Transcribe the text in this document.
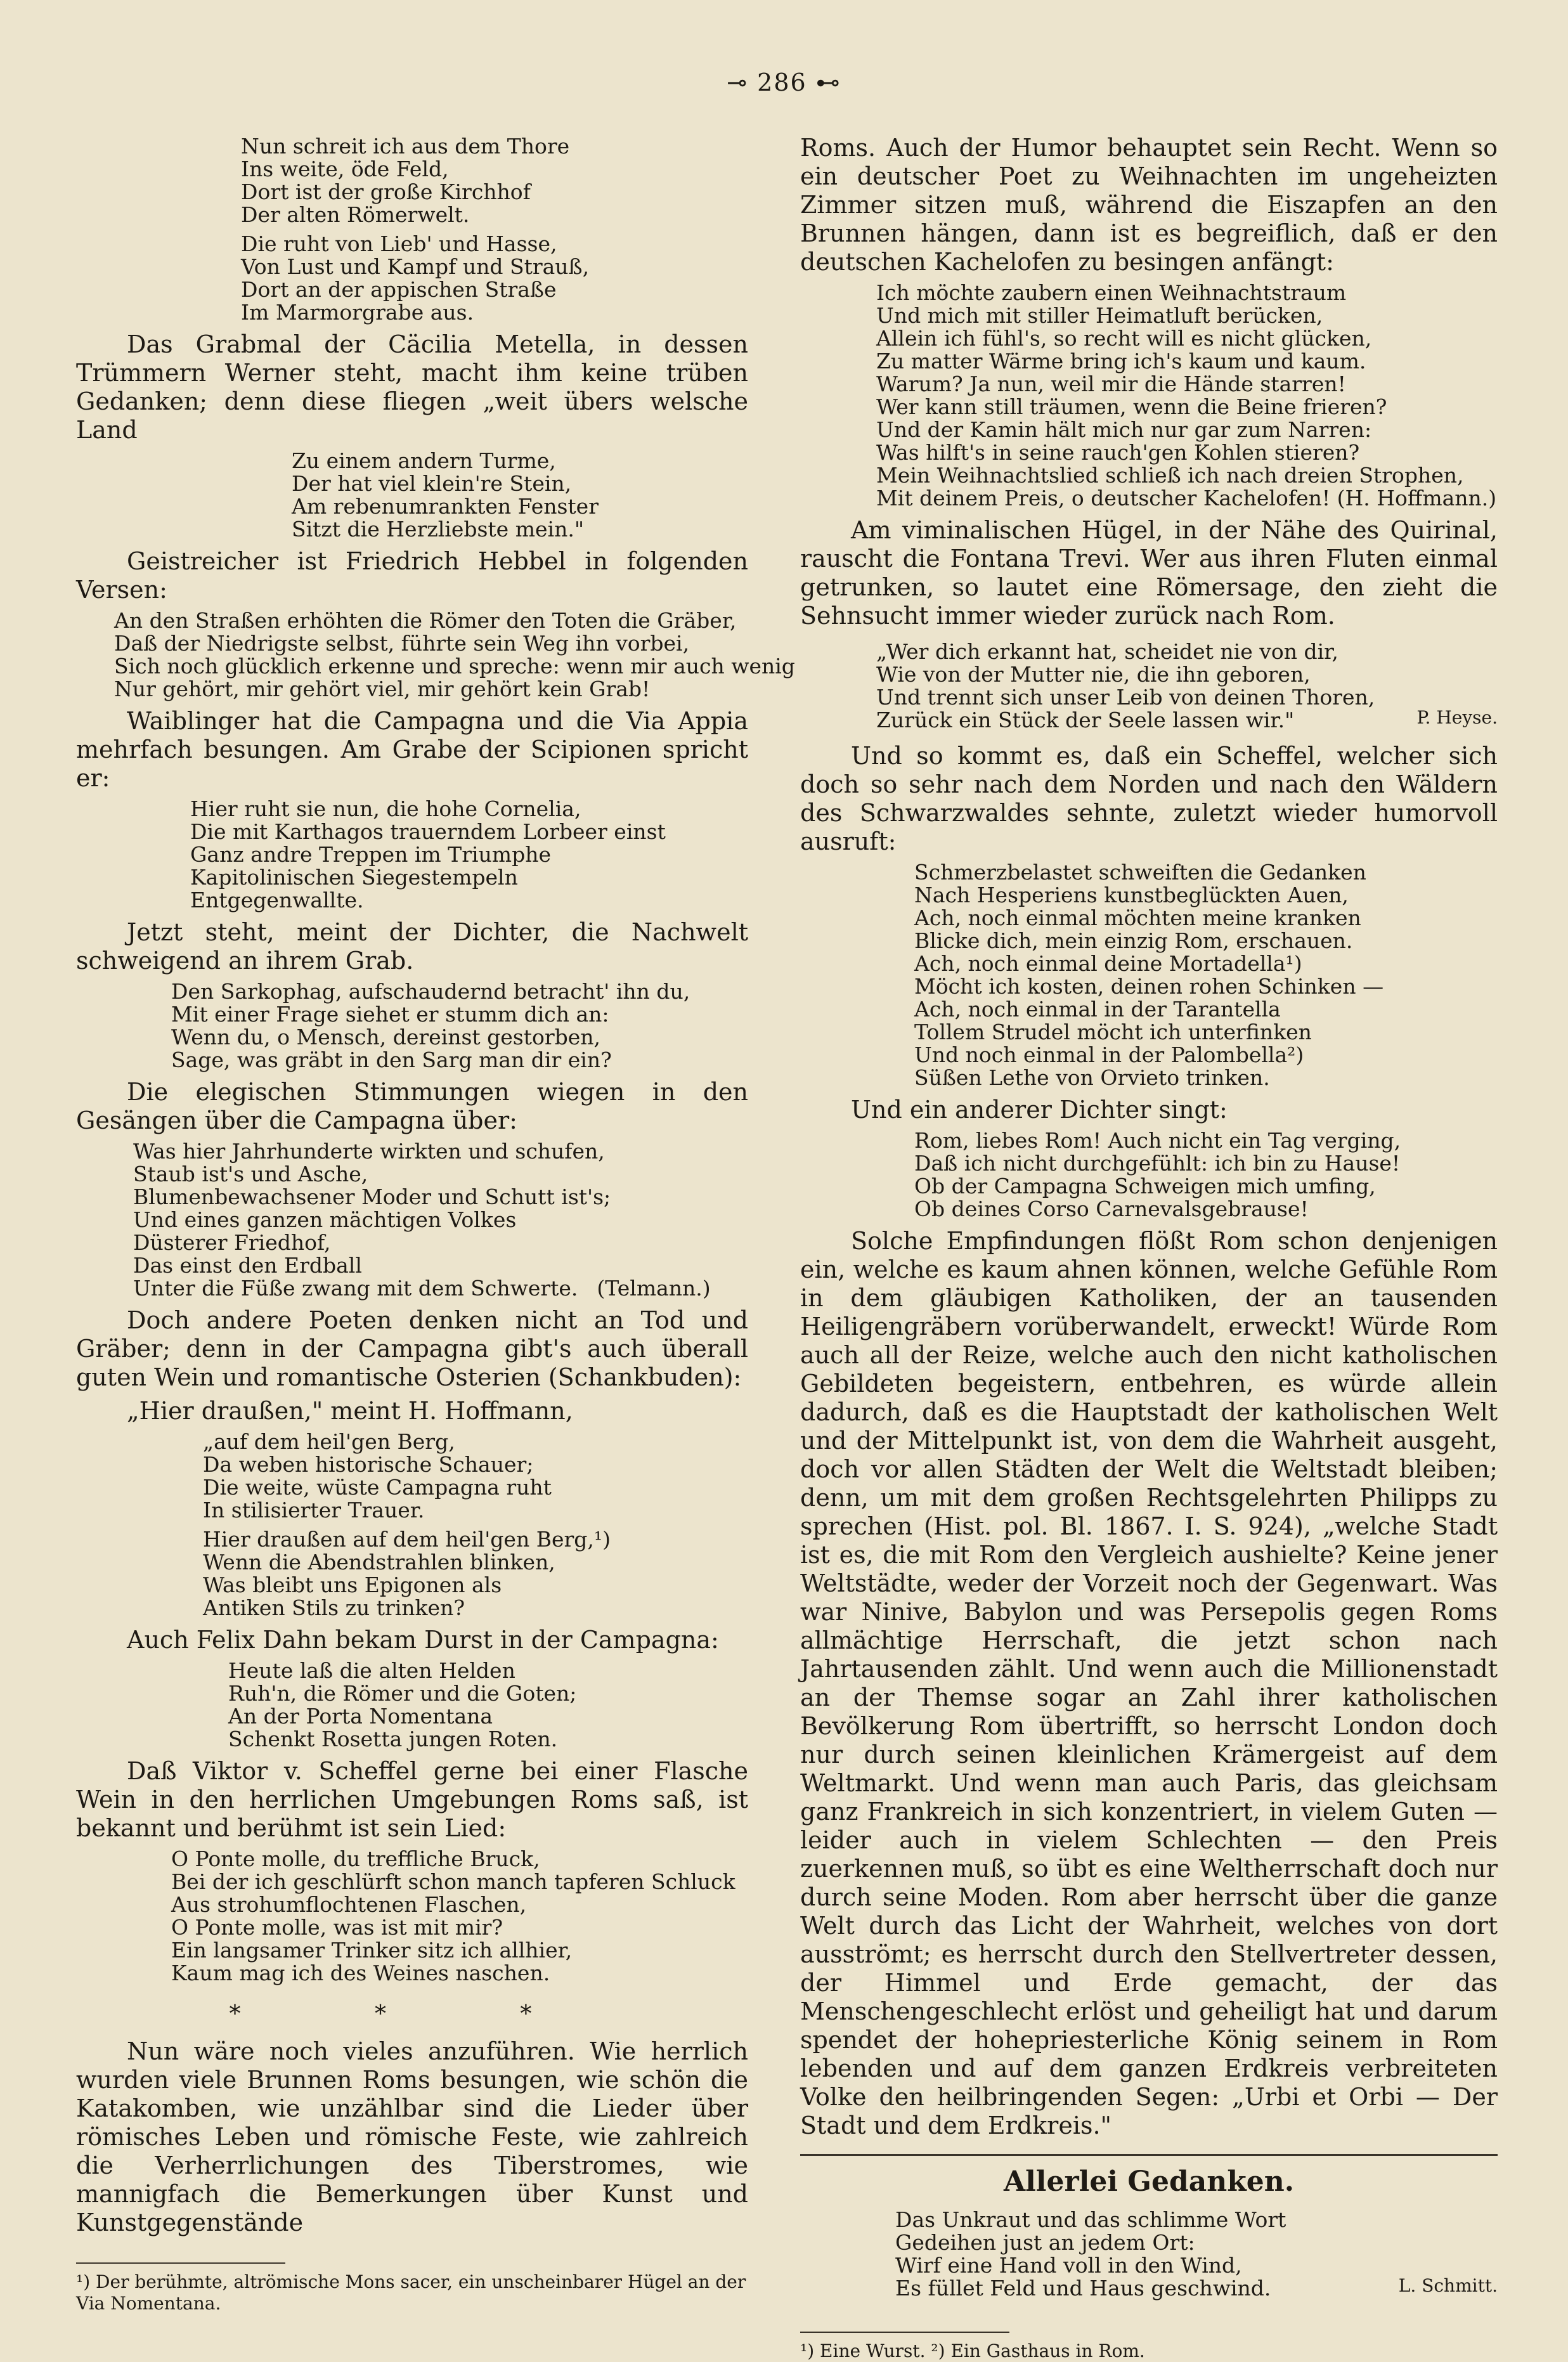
⊸ 286 ⊷
Nun schreit ich aus dem Thore
Ins weite, öde Feld,
Dort ist der große Kirchhof
Der alten Römerwelt.
Die ruht von Lieb' und Hasse,
Von Lust und Kampf und Strauß,
Dort an der appischen Straße
Im Marmorgrabe aus.

Das Grabmal der Cäcilia Metella, in dessen Trümmern Werner steht, macht ihm keine trüben Gedanken; denn diese fliegen „weit übers welsche Land

Zu einem andern Turme,
Der hat viel klein're Stein,
Am rebenumrankten Fenster
Sitzt die Herzliebste mein."

Geistreicher ist Friedrich Hebbel in folgenden Versen:

An den Straßen erhöhten die Römer den Toten die Gräber,
Daß der Niedrigste selbst, führte sein Weg ihn vorbei,
Sich noch glücklich erkenne und spreche: wenn mir auch wenig
Nur gehört, mir gehört viel, mir gehört kein Grab!

Waiblinger hat die Campagna und die Via Appia mehrfach besungen. Am Grabe der Scipionen spricht er:

Hier ruht sie nun, die hohe Cornelia,
Die mit Karthagos trauerndem Lorbeer einst
Ganz andre Treppen im Triumphe
Kapitolinischen Siegestempeln
Entgegenwallte.

Jetzt steht, meint der Dichter, die Nachwelt schweigend an ihrem Grab.

Den Sarkophag, aufschaudernd betracht' ihn du,
Mit einer Frage siehet er stumm dich an:
Wenn du, o Mensch, dereinst gestorben,
Sage, was gräbt in den Sarg man dir ein?

Die elegischen Stimmungen wiegen in den Gesängen über die Campagna über:

Was hier Jahrhunderte wirkten und schufen,
Staub ist's und Asche,
Blumenbewachsener Moder und Schutt ist's;
Und eines ganzen mächtigen Volkes
Düsterer Friedhof,
Das einst den Erdball
Unter die Füße zwang mit dem Schwerte. (Telmann.)

Doch andere Poeten denken nicht an Tod und Gräber; denn in der Campagna gibt's auch überall guten Wein und romantische Osterien (Schankbuden):

„Hier draußen," meint H. Hoffmann,

„auf dem heil'gen Berg,
Da weben historische Schauer;
Die weite, wüste Campagna ruht
In stilisierter Trauer.
Hier draußen auf dem heil'gen Berg,¹)
Wenn die Abendstrahlen blinken,
Was bleibt uns Epigonen als
Antiken Stils zu trinken?

Auch Felix Dahn bekam Durst in der Campagna:

Heute laß die alten Helden
Ruh'n, die Römer und die Goten;
An der Porta Nomentana
Schenkt Rosetta jungen Roten.

Daß Viktor v. Scheffel gerne bei einer Flasche Wein in den herrlichen Umgebungen Roms saß, ist bekannt und berühmt ist sein Lied:

O Ponte molle, du treffliche Bruck,
Bei der ich geschlürft schon manch tapferen Schluck
Aus strohumflochtenen Flaschen,
O Ponte molle, was ist mit mir?
Ein langsamer Trinker sitz ich allhier,
Kaum mag ich des Weines naschen.
* * *

Nun wäre noch vieles anzuführen. Wie herrlich wurden viele Brunnen Roms besungen, wie schön die Katakomben, wie unzählbar sind die Lieder über römisches Leben und römische Feste, wie zahlreich die Verherrlichungen des Tiberstromes, wie mannigfach die Bemerkungen über Kunst und Kunstgegenstände

¹) Der berühmte, altrömische Mons sacer, ein unscheinbarer Hügel an der Via Nomentana.

Roms. Auch der Humor behauptet sein Recht. Wenn so ein deutscher Poet zu Weihnachten im ungeheizten Zimmer sitzen muß, während die Eiszapfen an den Brunnen hängen, dann ist es begreiflich, daß er den deutschen Kachelofen zu besingen anfängt:

Ich möchte zaubern einen Weihnachtstraum
Und mich mit stiller Heimatluft berücken,
Allein ich fühl's, so recht will es nicht glücken,
Zu matter Wärme bring ich's kaum und kaum.
Warum? Ja nun, weil mir die Hände starren!
Wer kann still träumen, wenn die Beine frieren?
Und der Kamin hält mich nur gar zum Narren:
Was hilft's in seine rauch'gen Kohlen stieren?
Mein Weihnachtslied schließ ich nach dreien Strophen,
Mit deinem Preis, o deutscher Kachelofen! (H. Hoffmann.)

Am viminalischen Hügel, in der Nähe des Quirinal, rauscht die Fontana Trevi. Wer aus ihren Fluten einmal getrunken, so lautet eine Römersage, den zieht die Sehnsucht immer wieder zurück nach Rom.

„Wer dich erkannt hat, scheidet nie von dir,
Wie von der Mutter nie, die ihn geboren,
Und trennt sich unser Leib von deinen Thoren,
Zurück ein Stück der Seele lassen wir."	P. Heyse.

Und so kommt es, daß ein Scheffel, welcher sich doch so sehr nach dem Norden und nach den Wäldern des Schwarzwaldes sehnte, zuletzt wieder humorvoll ausruft:

Schmerzbelastet schweiften die Gedanken
Nach Hesperiens kunstbeglückten Auen,
Ach, noch einmal möchten meine kranken
Blicke dich, mein einzig Rom, erschauen.
Ach, noch einmal deine Mortadella¹)
Möcht ich kosten, deinen rohen Schinken —
Ach, noch einmal in der Tarantella
Tollem Strudel möcht ich unterfinken
Und noch einmal in der Palombella²)
Süßen Lethe von Orvieto trinken.

Und ein anderer Dichter singt:

Rom, liebes Rom! Auch nicht ein Tag verging,
Daß ich nicht durchgefühlt: ich bin zu Hause!
Ob der Campagna Schweigen mich umfing,
Ob deines Corso Carnevalsgebrause!

Solche Empfindungen flößt Rom schon denjenigen ein, welche es kaum ahnen können, welche Gefühle Rom in dem gläubigen Katholiken, der an tausenden Heiligengräbern vorüberwandelt, erweckt! Würde Rom auch all der Reize, welche auch den nicht katholischen Gebildeten begeistern, entbehren, es würde allein dadurch, daß es die Hauptstadt der katholischen Welt und der Mittelpunkt ist, von dem die Wahrheit ausgeht, doch vor allen Städten der Welt die Weltstadt bleiben; denn, um mit dem großen Rechtsgelehrten Philipps zu sprechen (Hist. pol. Bl. 1867. I. S. 924), „welche Stadt ist es, die mit Rom den Vergleich aushielte? Keine jener Weltstädte, weder der Vorzeit noch der Gegenwart. Was war Ninive, Babylon und was Persepolis gegen Roms allmächtige Herrschaft, die jetzt schon nach Jahrtausenden zählt. Und wenn auch die Millionenstadt an der Themse sogar an Zahl ihrer katholischen Bevölkerung Rom übertrifft, so herrscht London doch nur durch seinen kleinlichen Krämergeist auf dem Weltmarkt. Und wenn man auch Paris, das gleichsam ganz Frankreich in sich konzentriert, in vielem Guten — leider auch in vielem Schlechten — den Preis zuerkennen muß, so übt es eine Weltherrschaft doch nur durch seine Moden. Rom aber herrscht über die ganze Welt durch das Licht der Wahrheit, welches von dort ausströmt; es herrscht durch den Stellvertreter dessen, der Himmel und Erde gemacht, der das Menschengeschlecht erlöst und geheiligt hat und darum spendet der hohepriesterliche König seinem in Rom lebenden und auf dem ganzen Erdkreis verbreiteten Volke den heilbringenden Segen: „Urbi et Orbi — Der Stadt und dem Erdkreis."

Allerlei Gedanken.
Das Unkraut und das schlimme Wort
Gedeihen just an jedem Ort:
Wirf eine Hand voll in den Wind,
Es füllet Feld und Haus geschwind.	L. Schmitt.
¹) Eine Wurst. ²) Ein Gasthaus in Rom.
